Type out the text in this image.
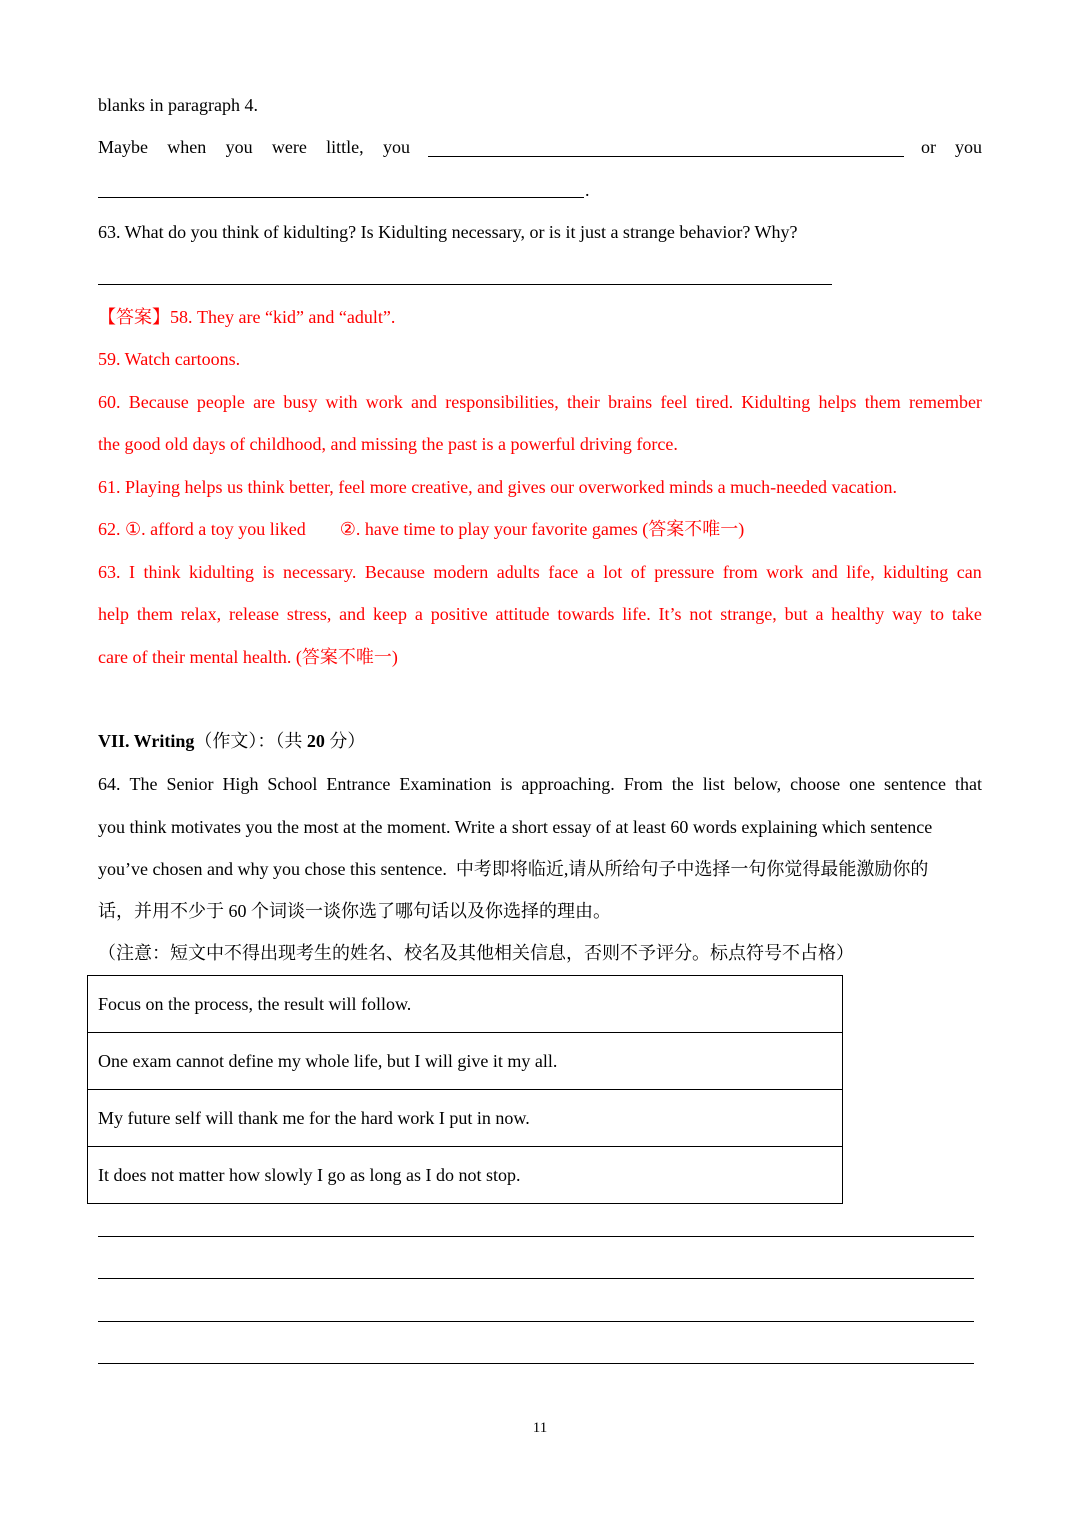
blanks in paragraph 4.
Maybe when you were little, you	or you
.
63. What do you think of kidulting? Is Kidulting necessary, or is it just a strange behavior? Why?
【答案】58. They are “kid” and “adult”.
59. Watch cartoons.
60. Because people are busy with work and responsibilities, their brains feel tired. Kidulting helps them remember
the good old days of childhood, and missing the past is a powerful driving force.
61. Playing helps us think better, feel more creative, and gives our overworked minds a much-needed vacation.
62. ①. afford a toy you liked ②. have time to play your favorite games (答案不唯一)
63. I think kidulting is necessary. Because modern adults face a lot of pressure from work and life, kidulting can
help them relax, release stress, and keep a positive attitude towards life. It’s not strange, but a healthy way to take
care of their mental health. (答案不唯一)
VII. Writing（作文）：（共 20 分）
64. The Senior High School Entrance Examination is approaching. From the list below, choose one sentence that
you think motivates you the most at the moment. Write a short essay of at least 60 words explaining which sentence
you’ve chosen and why you chose this sentence. 中考即将临近,请从所给句子中选择一句你觉得最能激励你的
话，并用不少于 60 个词谈一谈你选了哪句话以及你选择的理由。
（注意：短文中不得出现考生的姓名、校名及其他相关信息，否则不予评分。标点符号不占格）
Focus on the process, the result will follow.
One exam cannot define my whole life, but I will give it my all.
My future self will thank me for the hard work I put in now.
It does not matter how slowly I go as long as I do not stop.
11
